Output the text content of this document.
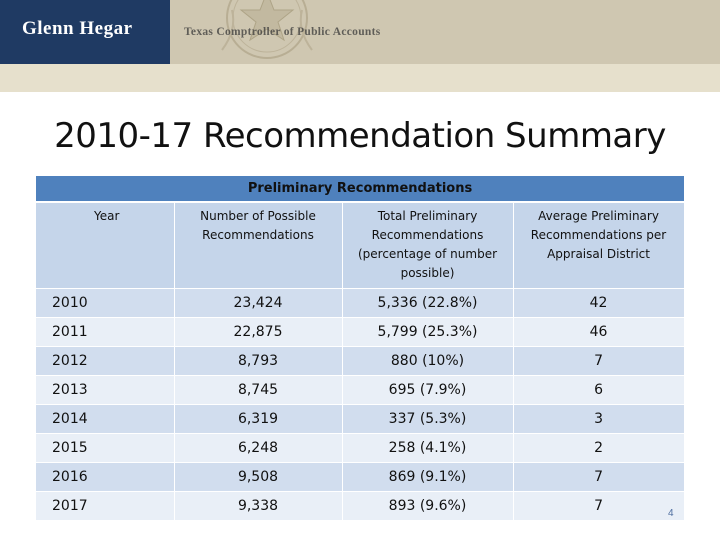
Glenn Hegar	Texas Comptroller of Public Accounts
2010-17 Recommendation Summary
Preliminary Recommendations			
Year	Number of Possible Recommendations	Total Preliminary Recommendations (percentage of number possible)	Average Preliminary Recommendations per Appraisal District
2010	23,424	5,336 (22.8%)	42
2011	22,875	5,799 (25.3%)	46
2012	8,793	880 (10%)	7
2013	8,745	695 (7.9%)	6
2014	6,319	337 (5.3%)	3
2015	6,248	258 (4.1%)	2
2016	9,508	869 (9.1%)	7
2017	9,338	893 (9.6%)	7	4
